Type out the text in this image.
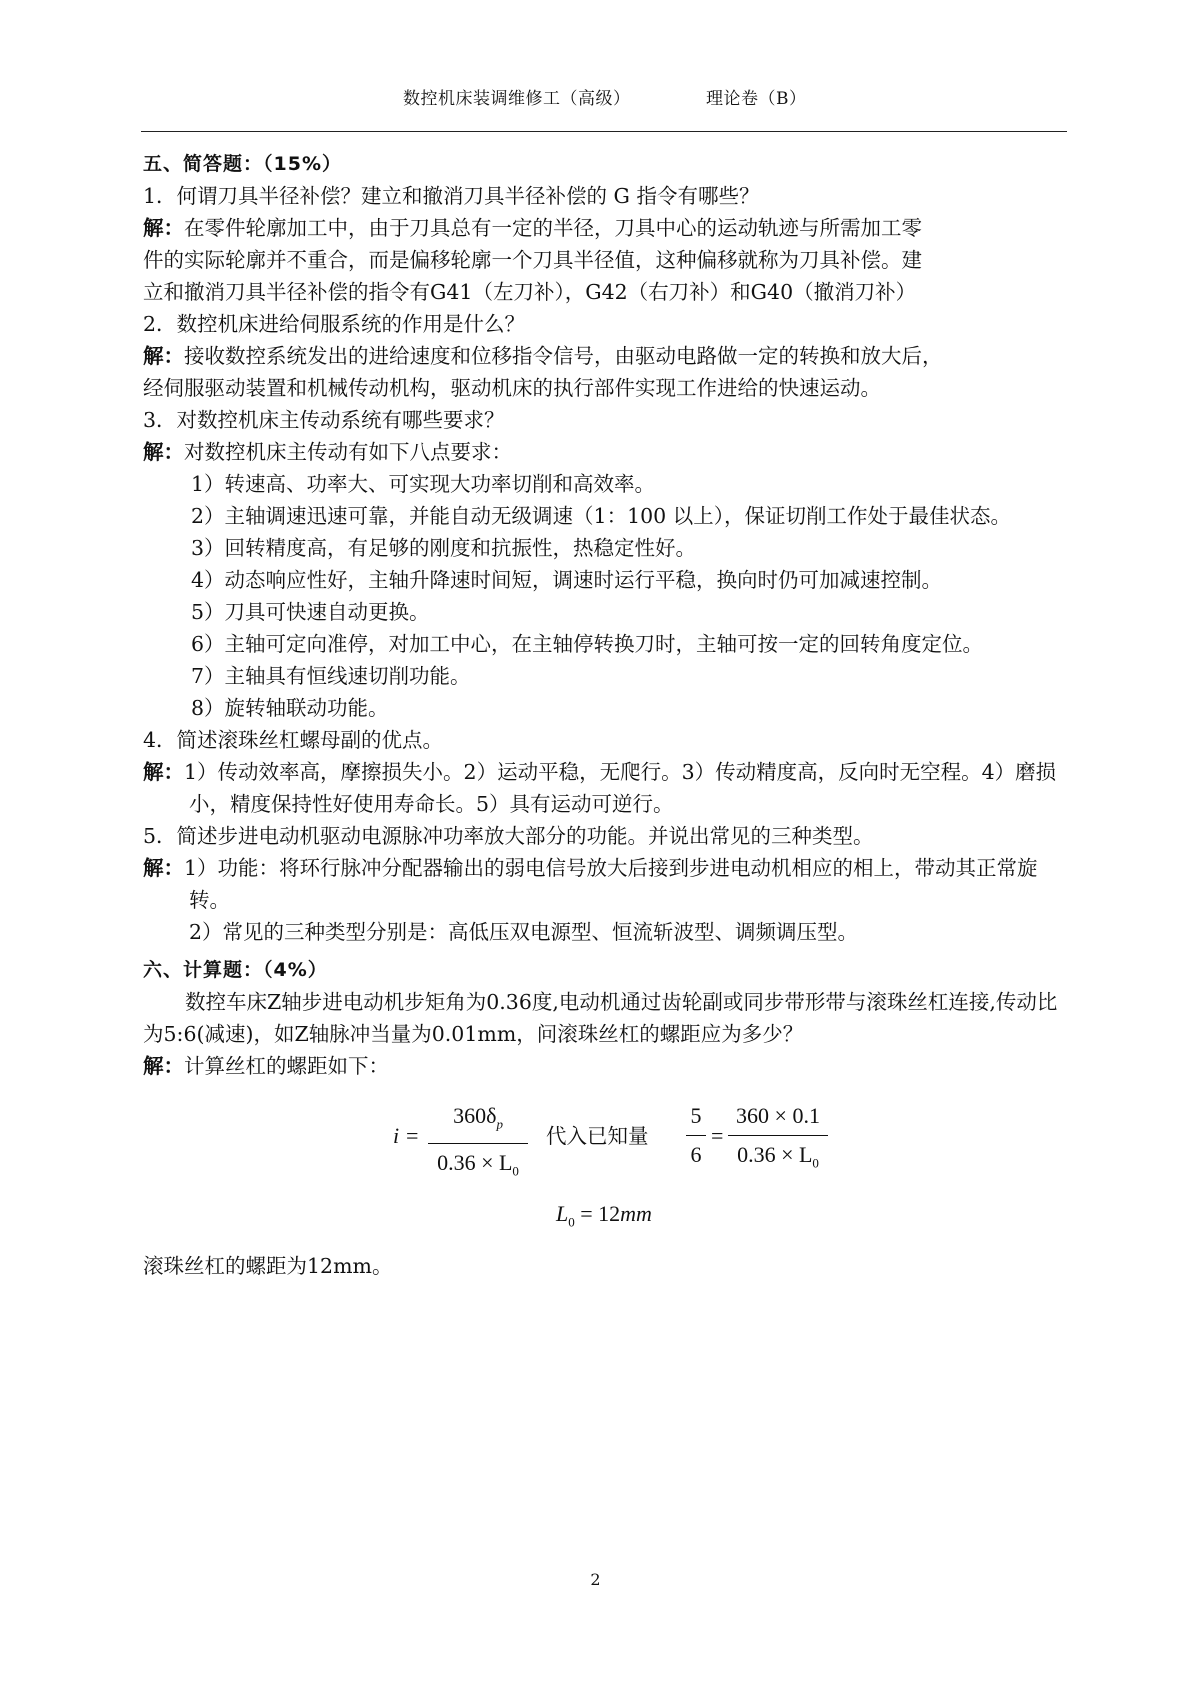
数控机床装调维修工（高级）	理论卷（B）

五、简答题：（15%）

1．何谓刀具半径补偿？建立和撤消刀具半径补偿的 G 指令有哪些？

解：在零件轮廓加工中，由于刀具总有一定的半径，刀具中心的运动轨迹与所需加工零

件的实际轮廓并不重合，而是偏移轮廓一个刀具半径值，这种偏移就称为刀具补偿。建

立和撤消刀具半径补偿的指令有G41（左刀补），G42（右刀补）和G40（撤消刀补）

2．数控机床进给伺服系统的作用是什么？

解：接收数控系统发出的进给速度和位移指令信号，由驱动电路做一定的转换和放大后，

经伺服驱动装置和机械传动机构，驱动机床的执行部件实现工作进给的快速运动。

3．对数控机床主传动系统有哪些要求？

解：对数控机床主传动有如下八点要求：

1）转速高、功率大、可实现大功率切削和高效率。

2）主轴调速迅速可靠，并能自动无级调速（1：100 以上），保证切削工作处于最佳状态。

3）回转精度高，有足够的刚度和抗振性，热稳定性好。

4）动态响应性好，主轴升降速时间短，调速时运行平稳，换向时仍可加减速控制。

5）刀具可快速自动更换。

6）主轴可定向准停，对加工中心，在主轴停转换刀时，主轴可按一定的回转角度定位。

7）主轴具有恒线速切削功能。

8）旋转轴联动功能。

4．简述滚珠丝杠螺母副的优点。

解：1）传动效率高，摩擦损失小。2）运动平稳，无爬行。3）传动精度高，反向时无空程。4）磨损小，精度保持性好使用寿命长。5）具有运动可逆行。

5．简述步进电动机驱动电源脉冲功率放大部分的功能。并说出常见的三种类型。

解：1）功能：将环行脉冲分配器输出的弱电信号放大后接到步进电动机相应的相上，带动其正常旋转。

2）常见的三种类型分别是：高低压双电源型、恒流斩波型、调频调压型。

六、计算题：（4%）

数控车床Z轴步进电动机步矩角为0.36度,电动机通过齿轮副或同步带形带与滚珠丝杠连接,传动比为5:6(减速)，如Z轴脉冲当量为0.01mm，问滚珠丝杠的螺距应为多少？

解：计算丝杠的螺距如下：

i =
$360\delta_p$
$0.36 \times L_0$
代入已知量
5
6
=
360 × 0.1
$0.36 \times L_0$
$L_0 = 12mm$

滚珠丝杠的螺距为12mm。

2
